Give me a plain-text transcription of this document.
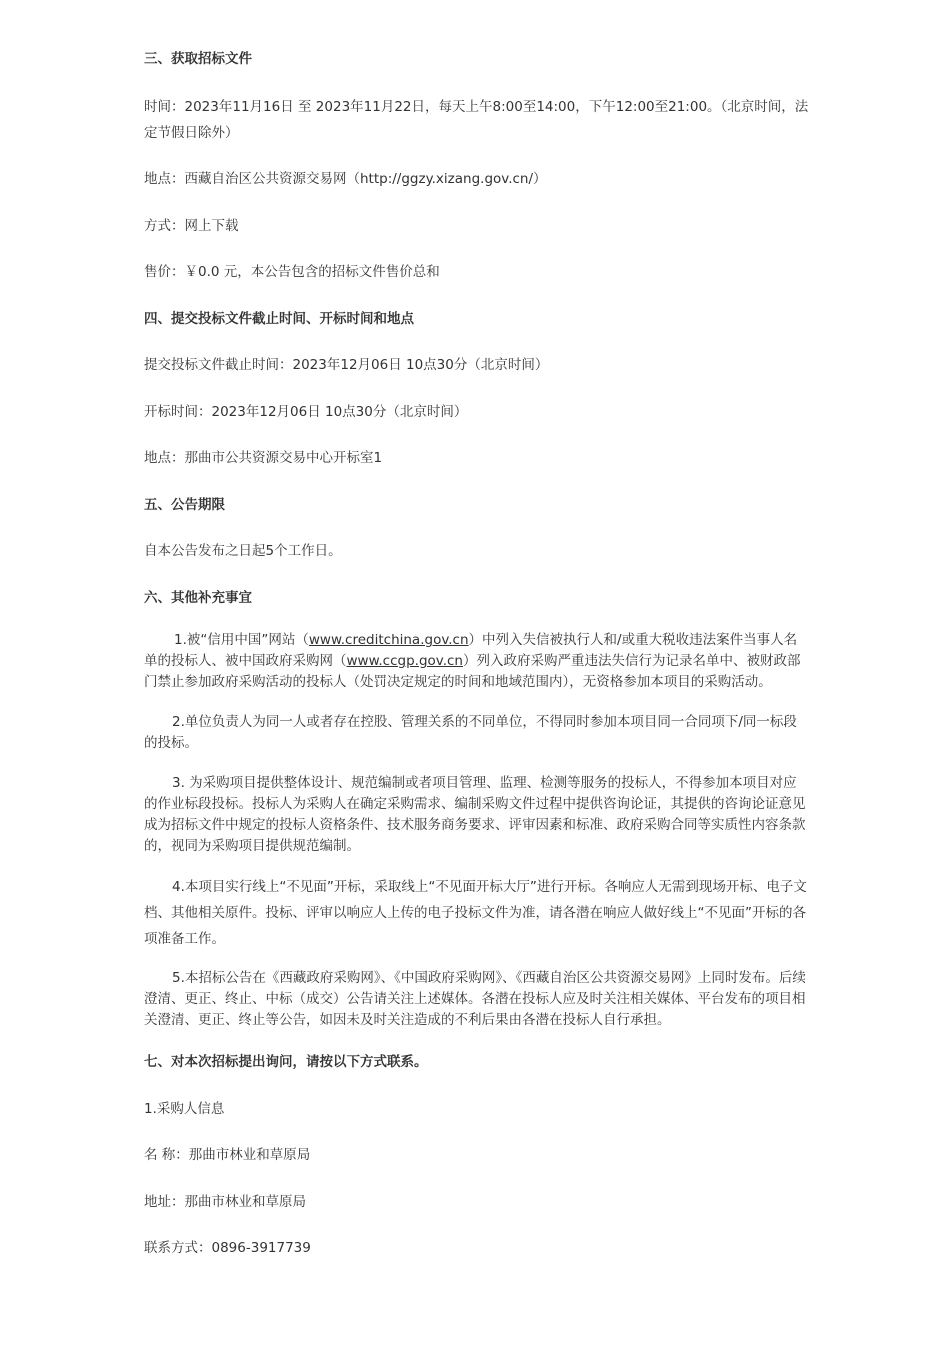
三、获取招标文件

时间：2023年11月16日 至 2023年11月22日，每天上午8:00至14:00，下午12:00至21:00。（北京时间，法定节假日除外）

地点：西藏自治区公共资源交易网（http://ggzy.xizang.gov.cn/）

方式：网上下载

售价：￥0.0 元，本公告包含的招标文件售价总和

四、提交投标文件截止时间、开标时间和地点

提交投标文件截止时间：2023年12月06日 10点30分（北京时间）

开标时间：2023年12月06日 10点30分（北京时间）

地点：那曲市公共资源交易中心开标室1

五、公告期限

自本公告发布之日起5个工作日。

六、其他补充事宜

1.被“信用中国”网站（www.creditchina.gov.cn）中列入失信被执行人和/或重大税收违法案件当事人名单的投标人、被中国政府采购网（www.ccgp.gov.cn）列入政府采购严重违法失信行为记录名单中、被财政部门禁止参加政府采购活动的投标人（处罚决定规定的时间和地域范围内），无资格参加本项目的采购活动。

2.单位负责人为同一人或者存在控股、管理关系的不同单位，不得同时参加本项目同一合同项下/同一标段的投标。

3. 为采购项目提供整体设计、规范编制或者项目管理、监理、检测等服务的投标人，不得参加本项目对应的作业标段投标。投标人为采购人在确定采购需求、编制采购文件过程中提供咨询论证，其提供的咨询论证意见成为招标文件中规定的投标人资格条件、技术服务商务要求、评审因素和标准、政府采购合同等实质性内容条款的，视同为采购项目提供规范编制。

4.本项目实行线上“不见面”开标，采取线上“不见面开标大厅”进行开标。各响应人无需到现场开标、电子文档、其他相关原件。投标、评审以响应人上传的电子投标文件为准，请各潜在响应人做好线上“不见面”开标的各项准备工作。

5.本招标公告在《西藏政府采购网》、《中国政府采购网》、《西藏自治区公共资源交易网》上同时发布。后续澄清、更正、终止、中标（成交）公告请关注上述媒体。各潜在投标人应及时关注相关媒体、平台发布的项目相关澄清、更正、终止等公告，如因未及时关注造成的不利后果由各潜在投标人自行承担。

七、对本次招标提出询问，请按以下方式联系。

1.采购人信息

名 称：那曲市林业和草原局

地址：那曲市林业和草原局

联系方式：0896-3917739
